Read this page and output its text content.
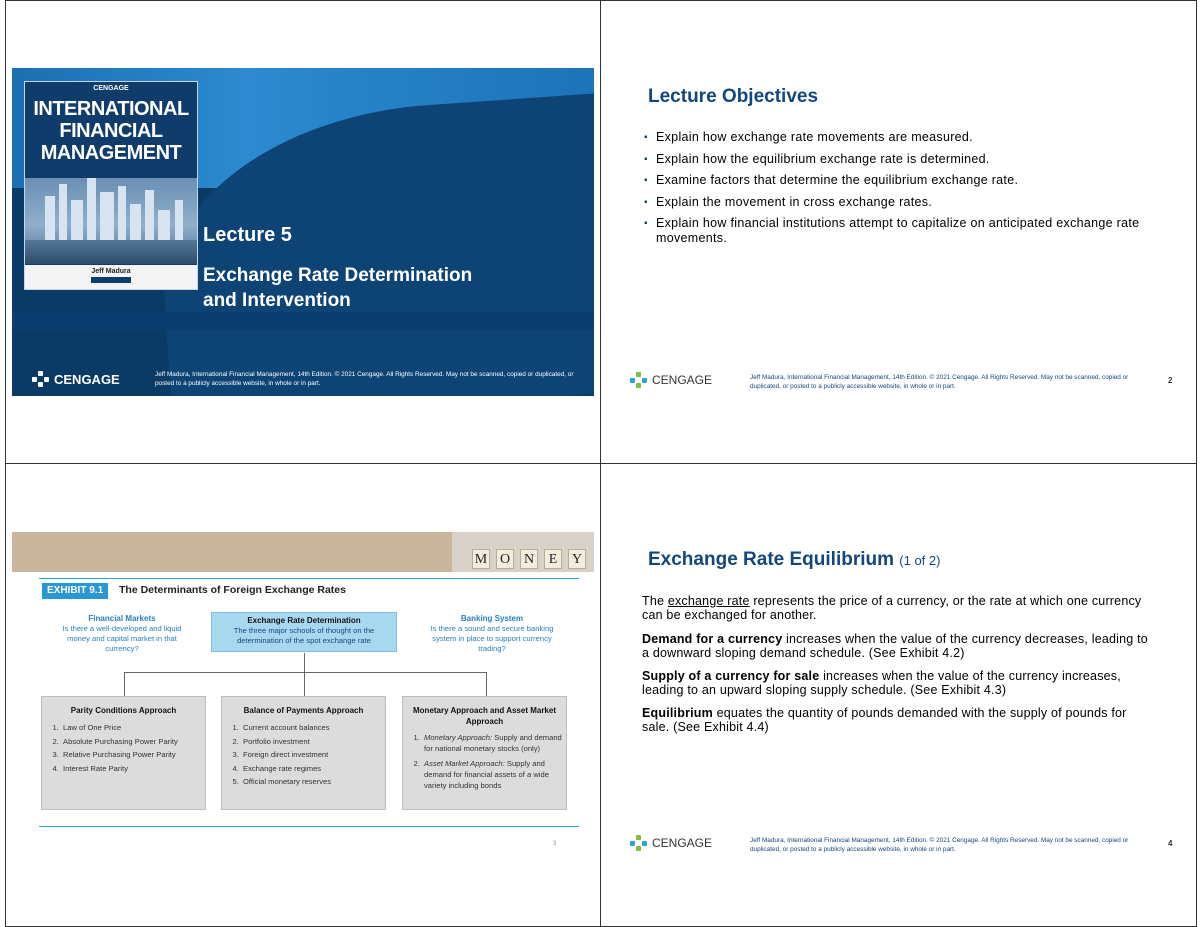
CENGAGE
INTERNATIONAL
FINANCIAL
MANAGEMENT
Jeff Madura
Lecture 5
Exchange Rate Determination
and Intervention
CENGAGE	Jeff Madura, International Financial Management, 14th Edition. © 2021 Cengage. All Rights Reserved. May not be scanned, copied or duplicated, or posted to a publicly accessible website, in whole or in part.
Lecture Objectives
▪ Explain how exchange rate movements are measured.
▪ Explain how the equilibrium exchange rate is determined.
▪ Examine factors that determine the equilibrium exchange rate.
▪ Explain the movement in cross exchange rates.
▪ Explain how financial institutions attempt to capitalize on anticipated exchange rate movements.
CENGAGE	Jeff Madura, International Financial Management, 14th Edition. © 2021 Cengage. All Rights Reserved. May not be scanned, copied or duplicated, or posted to a publicly accessible website, in whole or in part.
2
M O N	E	Y
EXHIBIT 9.1	The Determinants of Foreign Exchange Rates
Financial Markets
Is there a well-developed and liquid money and capital market in that currency?
Exchange Rate Determination
The three major schools of thought on the determination of the spot exchange rate
Banking System
Is there a sound and secure banking system in place to support currency trading?
Parity Conditions Approach
1. Law of One Price
2. Absolute Purchasing Power Parity
3. Relative Purchasing Power Parity
4. Interest Rate Parity
Balance of Payments Approach
1. Current account balances
2. Portfolio investment
3. Foreign direct investment
4. Exchange rate regimes
5. Official monetary reserves
Monetary Approach and Asset Market Approach
1. Monetary Approach: Supply and demand for national monetary stocks (only)
2. Asset Market Approach: Supply and demand for financial assets of a wide variety including bonds
3
Exchange Rate Equilibrium (1 of 2)
The exchange rate represents the price of a currency, or the rate at which one currency can be exchanged for another.
Demand for a currency increases when the value of the currency decreases, leading to a downward sloping demand schedule. (See Exhibit 4.2)
Supply of a currency for sale increases when the value of the currency increases, leading to an upward sloping supply schedule. (See Exhibit 4.3)
Equilibrium equates the quantity of pounds demanded with the supply of pounds for sale. (See Exhibit 4.4)
CENGAGE	Jeff Madura, International Financial Management, 14th Edition. © 2021 Cengage. All Rights Reserved. May not be scanned, copied or duplicated, or posted to a publicly accessible website, in whole or in part.
4
